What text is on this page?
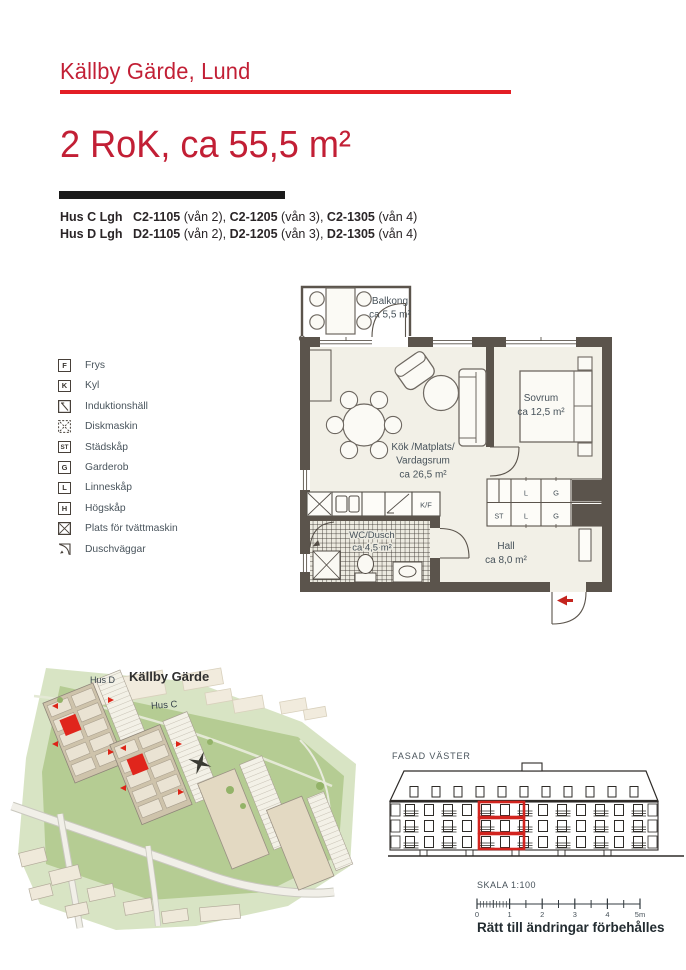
Balkong
ca 5,5 m²
L	G
ST	L	G
K/F
WC/Dusch
ca 4,5 m²	Hall
ca 8,0 m²
Kök /Matplats/
Vardagsrum
ca 26,5 m²
Sovrum
ca 12,5 m²
0	1	2	3	4	5m
Källby Gärde, Lund
2 RoK, ca 55,5 m²

Hus C Lgh C2-1105 (vån 2), C2-1205 (vån 3), C2-1305 (vån 4)
Hus D Lgh D2-1105 (vån 2), D2-1205 (vån 3), D2-1305 (vån 4)

F	Frys
K	Kyl
Induktionshäll
Diskmaskin
ST Städskåp
G	Garderob
L	Linneskåp
H	Högskåp
Plats för tvättmaskin
Duschväggar
Hus D Källby Gärde
Hus C
FASAD VÄSTER
SKALA 1:100
Rätt till ändringar förbehålles
